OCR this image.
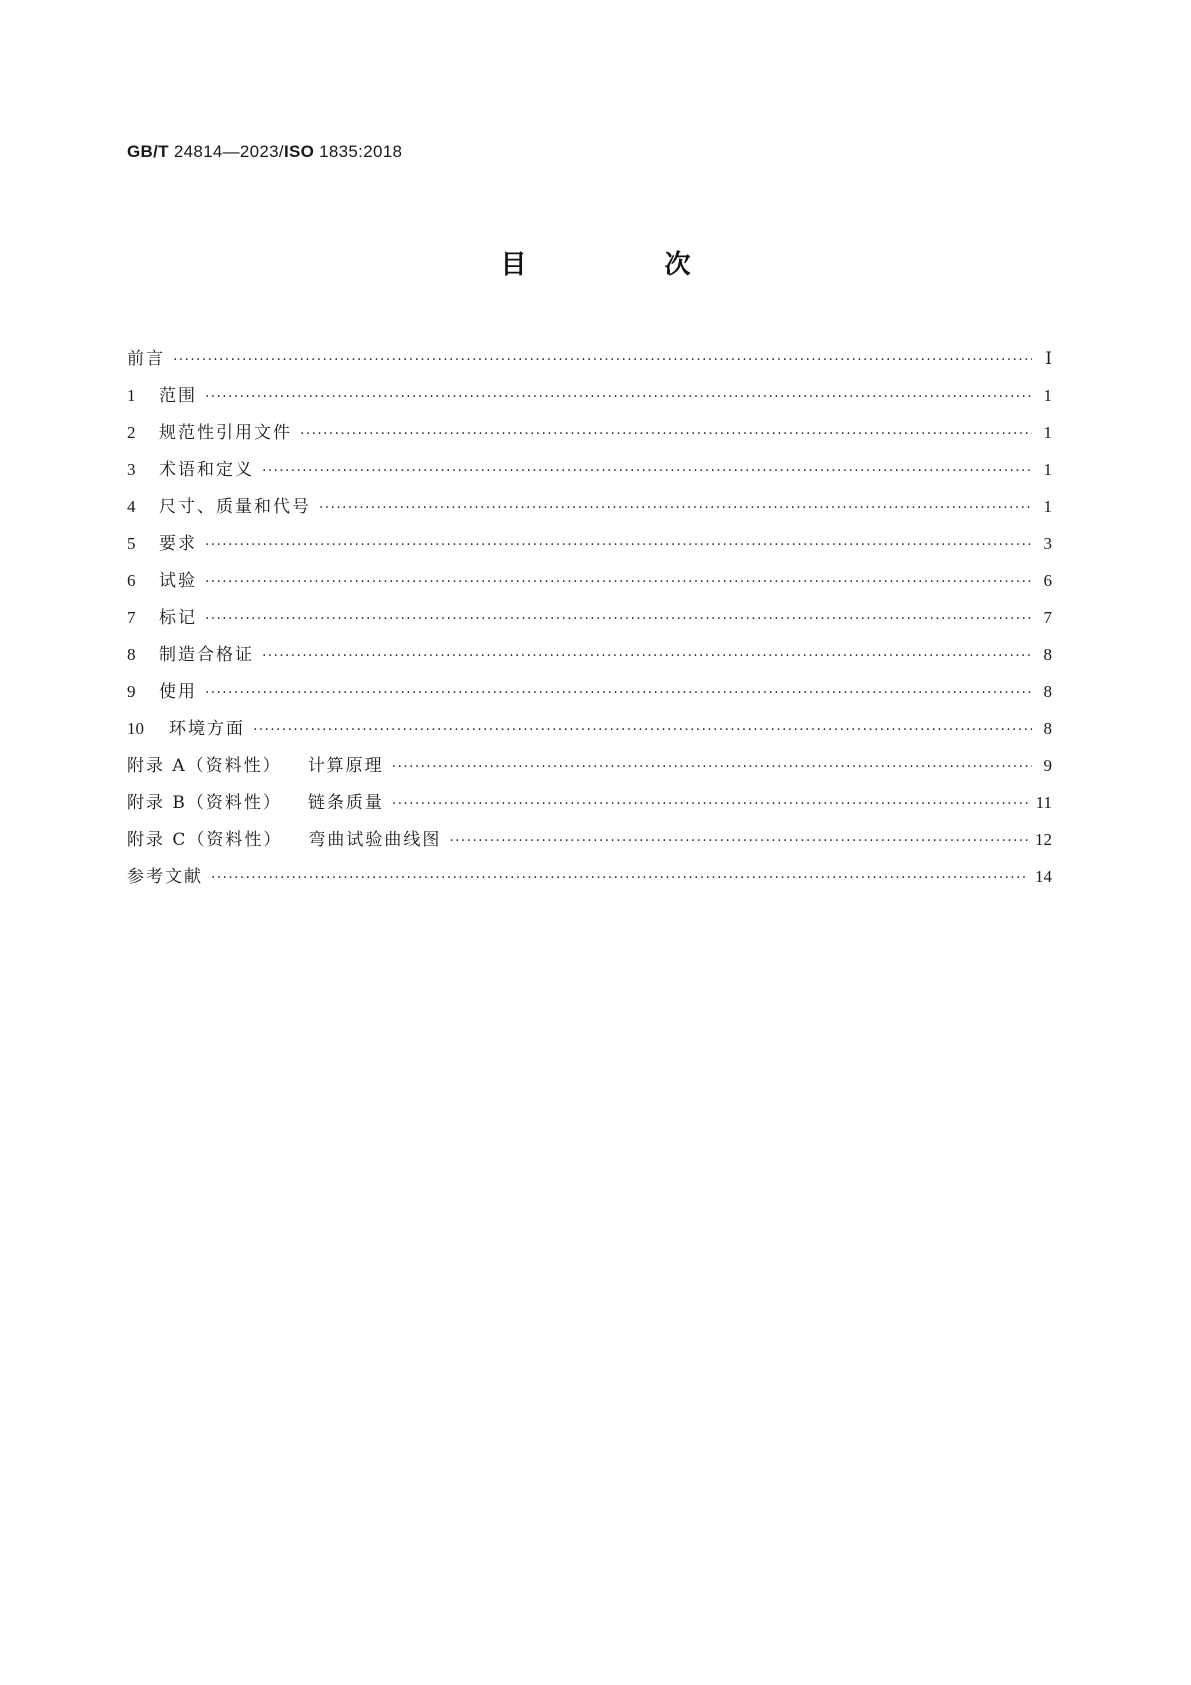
GB/T 24814—2023/ISO 1835:2018
目　次
前言 ·····	Ⅰ
1	范围 ·····	1
2	规范性引用文件 ·····	1
3	术语和定义 ·····	1
4	尺寸、质量和代号 ·····	1
5	要求 ·····	3
6	试验 ·····	6
7	标记 ·····	7
8	制造合格证 ·····	8
9	使用 ·····	8
10	环境方面 ·····	8
附录 A（资料性） 计算原理 ·····	9
附录 B（资料性） 链条质量 ·····	11
附录 C（资料性） 弯曲试验曲线图 ·····	12
参考文献 ·····	14
